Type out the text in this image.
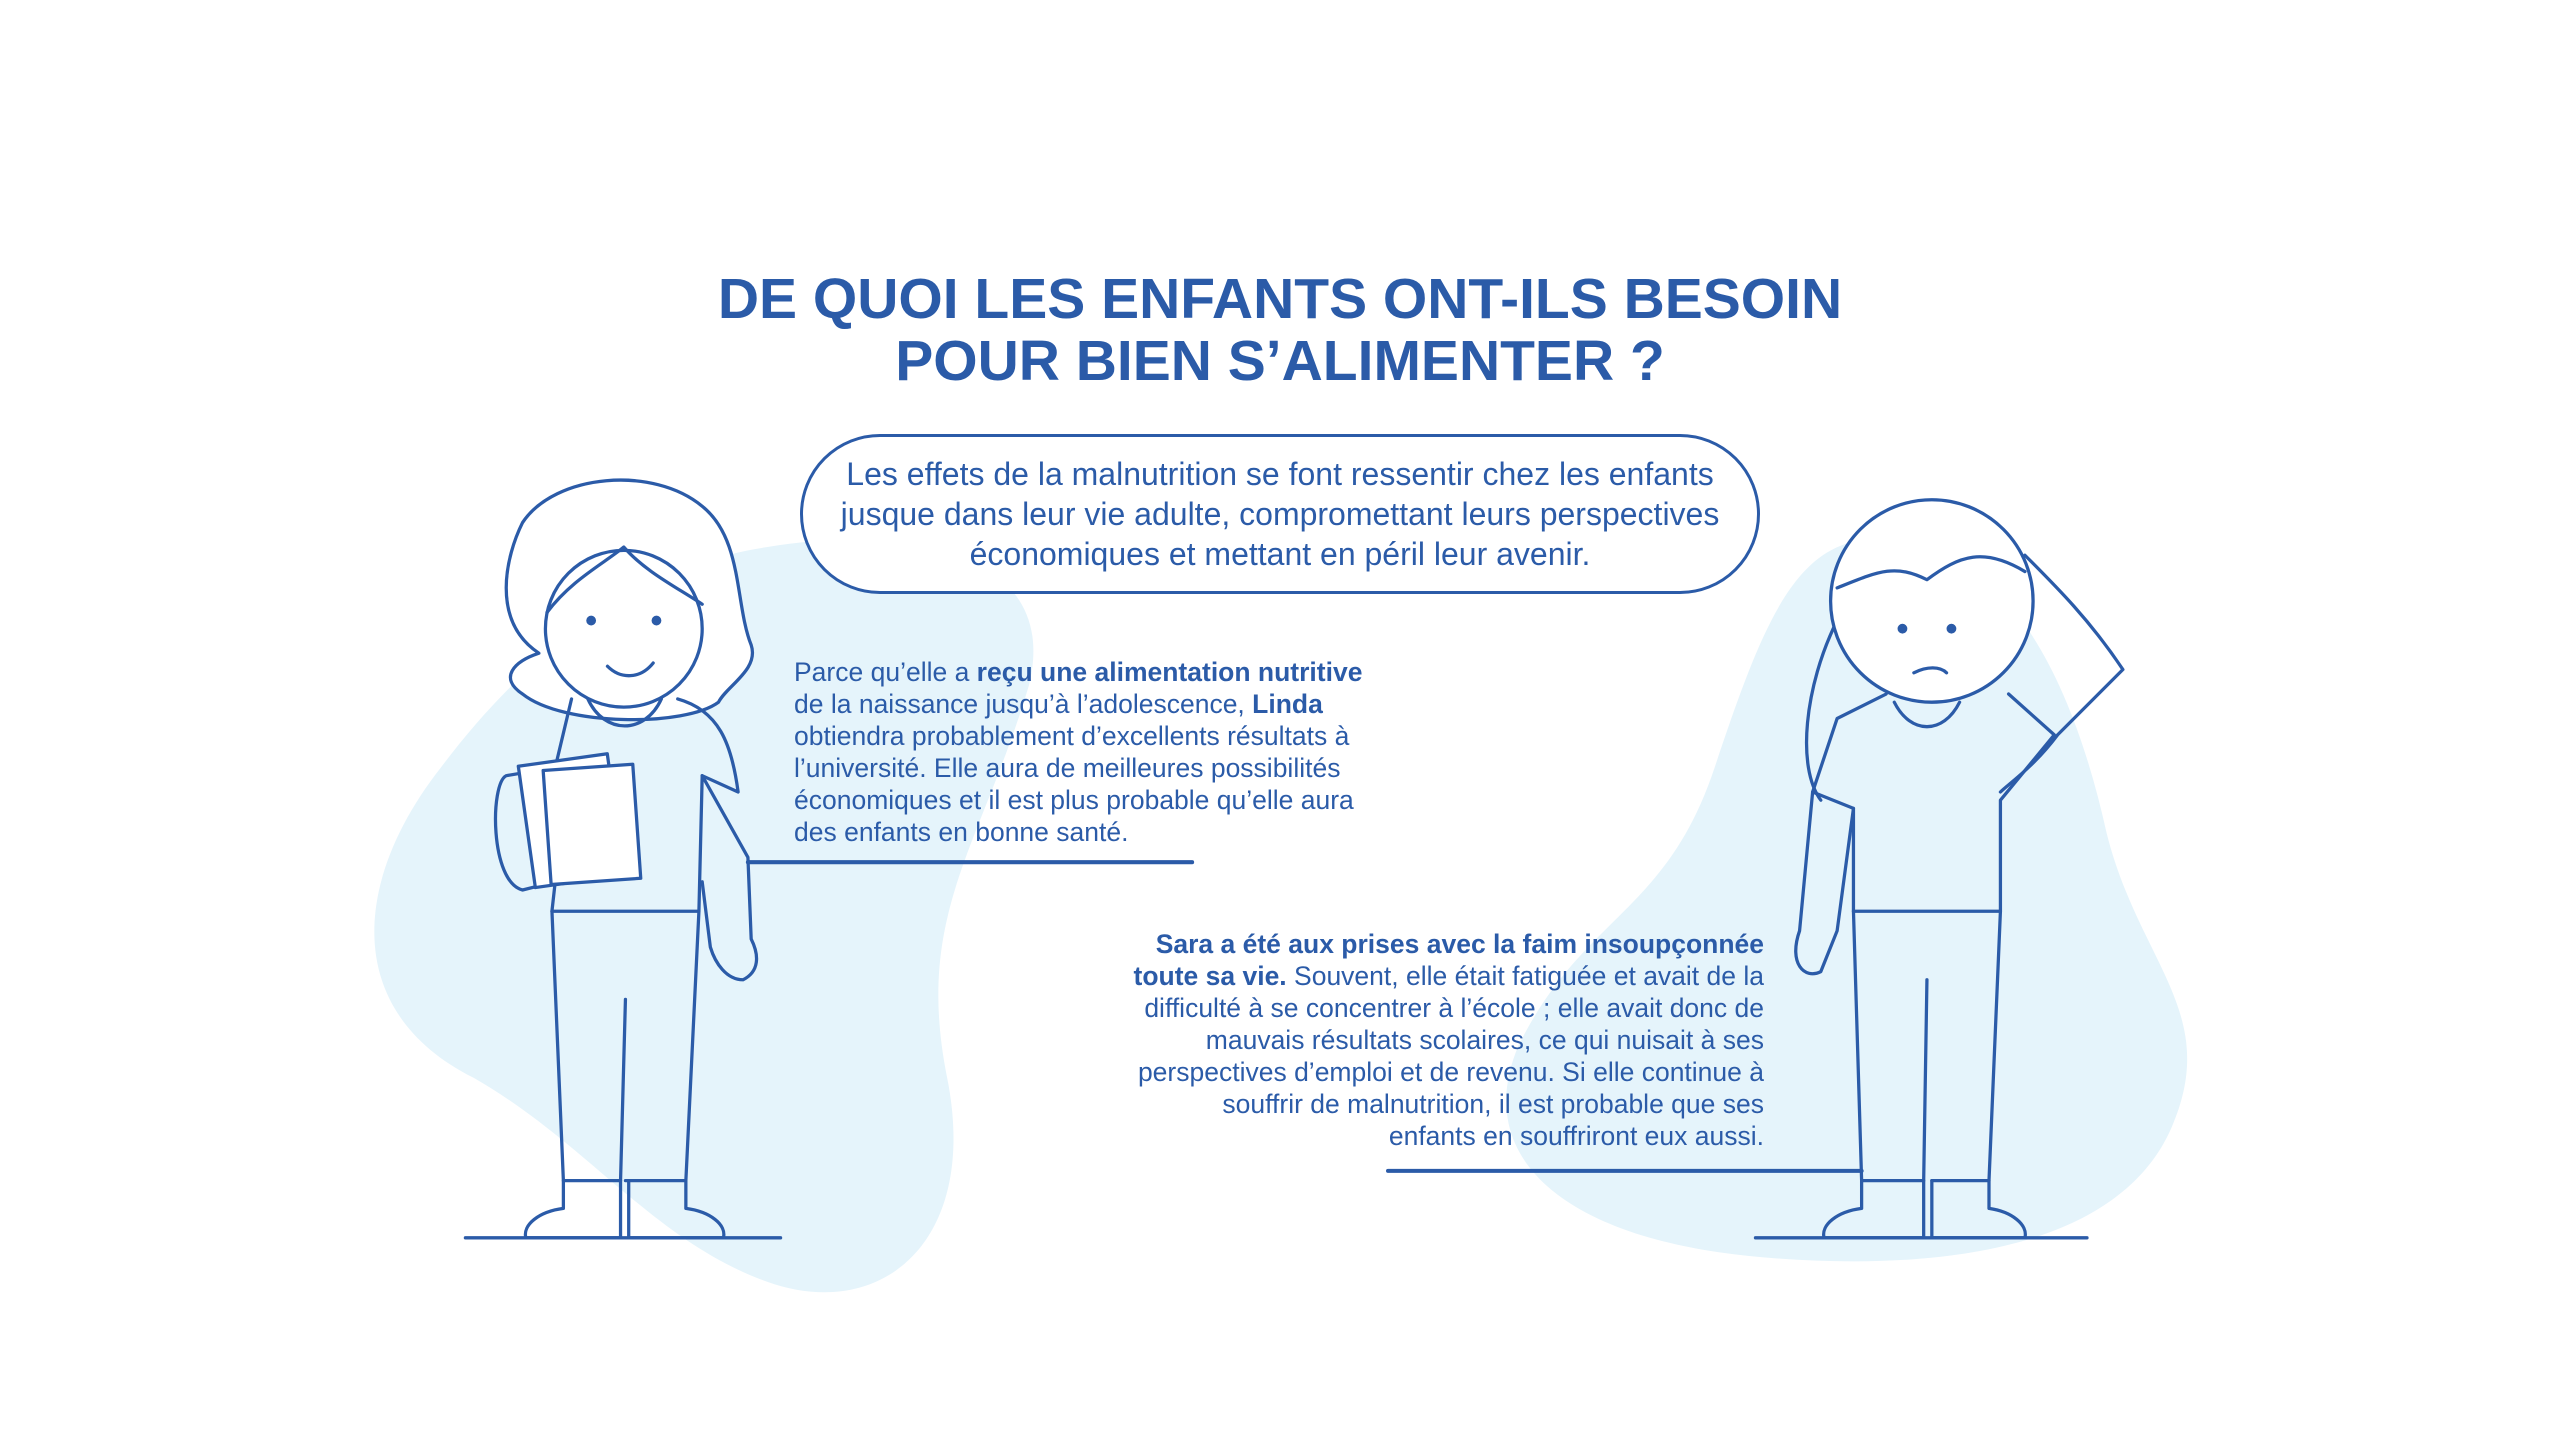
DE QUOI LES ENFANTS ONT-ILS BESOIN
POUR BIEN S’ALIMENTER ?
Les effets de la malnutrition se font ressentir chez les enfants jusque dans leur vie adulte, compromettant leurs perspectives économiques et mettant en péril leur avenir.
Parce qu’elle a reçu une alimentation nutritive de la naissance jusqu’à l’adolescence, Linda obtiendra probablement d’excellents résultats à l’université. Elle aura de meilleures possibilités économiques et il est plus probable qu’elle aura des enfants en bonne santé.
Sara a été aux prises avec la faim insoupçonnée toute sa vie. Souvent, elle était fatiguée et avait de la difficulté à se concentrer à l’école ; elle avait donc de mauvais résultats scolaires, ce qui nuisait à ses perspectives d’emploi et de revenu. Si elle continue à souffrir de malnutrition, il est probable que ses enfants en souffriront eux aussi.
